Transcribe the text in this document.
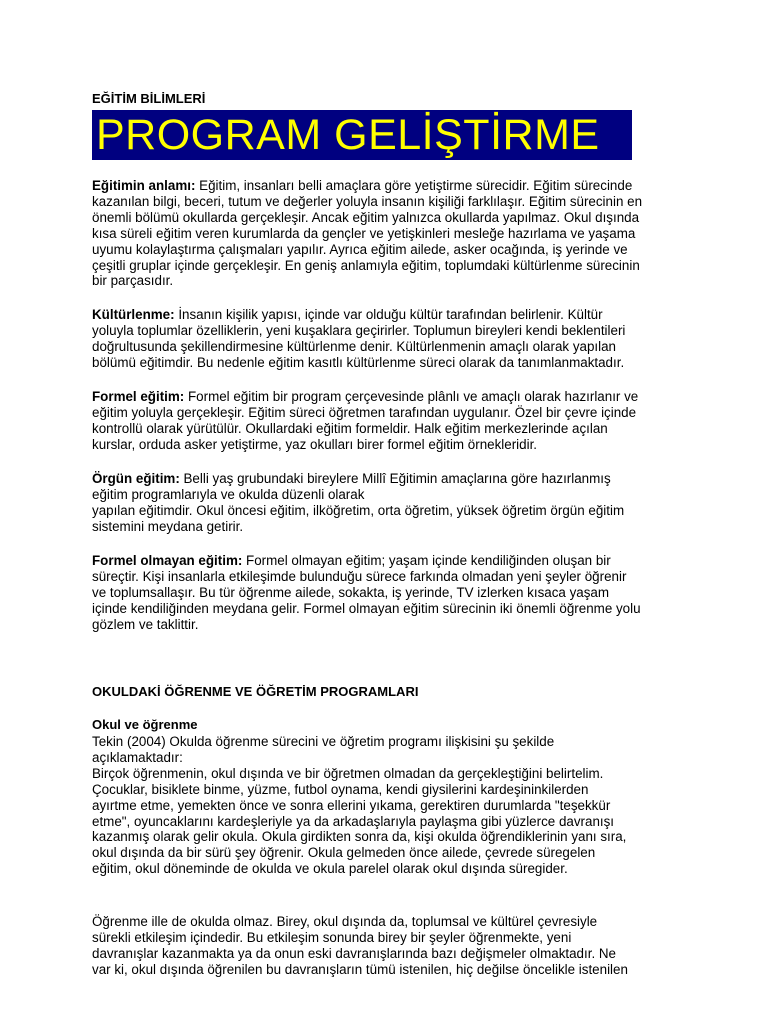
EĞİTİM BİLİMLERİ
PROGRAM GELİŞTİRME
Eğitimin anlamı: Eğitim, insanları belli amaçlara göre yetiştirme sürecidir. Eğitim sürecinde
kazanılan bilgi, beceri, tutum ve değerler yoluyla insanın kişiliği farklılaşır. Eğitim sürecinin en
önemli bölümü okullarda gerçekleşir. Ancak eğitim yalnızca okullarda yapılmaz. Okul dışında
kısa süreli eğitim veren kurumlarda da gençler ve yetişkinleri mesleğe hazırlama ve yaşama
uyumu kolaylaştırma çalışmaları yapılır. Ayrıca eğitim ailede, asker ocağında, iş yerinde ve
çeşitli gruplar içinde gerçekleşir. En geniş anlamıyla eğitim, toplumdaki kültürlenme sürecinin
bir parçasıdır.
Kültürlenme: İnsanın kişilik yapısı, içinde var olduğu kültür tarafından belirlenir. Kültür
yoluyla toplumlar özelliklerin, yeni kuşaklara geçirirler. Toplumun bireyleri kendi beklentileri
doğrultusunda şekillendirmesine kültürlenme denir. Kültürlenmenin amaçlı olarak yapılan
bölümü eğitimdir. Bu nedenle eğitim kasıtlı kültürlenme süreci olarak da tanımlanmaktadır.
Formel eğitim: Formel eğitim bir program çerçevesinde plânlı ve amaçlı olarak hazırlanır ve
eğitim yoluyla gerçekleşir. Eğitim süreci öğretmen tarafından uygulanır. Özel bir çevre içinde
kontrollü olarak yürütülür. Okullardaki eğitim formeldir. Halk eğitim merkezlerinde açılan
kurslar, orduda asker yetiştirme, yaz okulları birer formel eğitim örnekleridir.
Örgün eğitim: Belli yaş grubundaki bireylere Millî Eğitimin amaçlarına göre hazırlanmış
eğitim programlarıyla ve okulda düzenli olarak
yapılan eğitimdir. Okul öncesi eğitim, ilköğretim, orta öğretim, yüksek öğretim örgün eğitim
sistemini meydana getirir.
Formel olmayan eğitim: Formel olmayan eğitim; yaşam içinde kendiliğinden oluşan bir
süreçtir. Kişi insanlarla etkileşimde bulunduğu sürece farkında olmadan yeni şeyler öğrenir
ve toplumsallaşır. Bu tür öğrenme ailede, sokakta, iş yerinde, TV izlerken kısaca yaşam
içinde kendiliğinden meydana gelir. Formel olmayan eğitim sürecinin iki önemli öğrenme yolu
gözlem ve taklittir.
OKULDAKİ ÖĞRENME VE ÖĞRETİM PROGRAMLARI
Okul ve öğrenme
Tekin (2004) Okulda öğrenme sürecini ve öğretim programı ilişkisini şu şekilde
açıklamaktadır:
Birçok öğrenmenin, okul dışında ve bir öğretmen olmadan da gerçekleştiğini belirtelim.
Çocuklar, bisiklete binme, yüzme, futbol oynama, kendi giysilerini kardeşininkilerden
ayırtme etme, yemekten önce ve sonra ellerini yıkama, gerektiren durumlarda "teşekkür
etme", oyuncaklarını kardeşleriyle ya da arkadaşlarıyla paylaşma gibi yüzlerce davranışı
kazanmış olarak gelir okula. Okula girdikten sonra da, kişi okulda öğrendiklerinin yanı sıra,
okul dışında da bir sürü şey öğrenir. Okula gelmeden önce ailede, çevrede süregelen
eğitim, okul döneminde de okulda ve okula parelel olarak okul dışında süregider.
Öğrenme ille de okulda olmaz. Birey, okul dışında da, toplumsal ve kültürel çevresiyle
sürekli etkileşim içindedir. Bu etkileşim sonunda birey bir şeyler öğrenmekte, yeni
davranışlar kazanmakta ya da onun eski davranışlarında bazı değişmeler olmaktadır. Ne
var ki, okul dışında öğrenilen bu davranışların tümü istenilen, hiç değilse öncelikle istenilen
